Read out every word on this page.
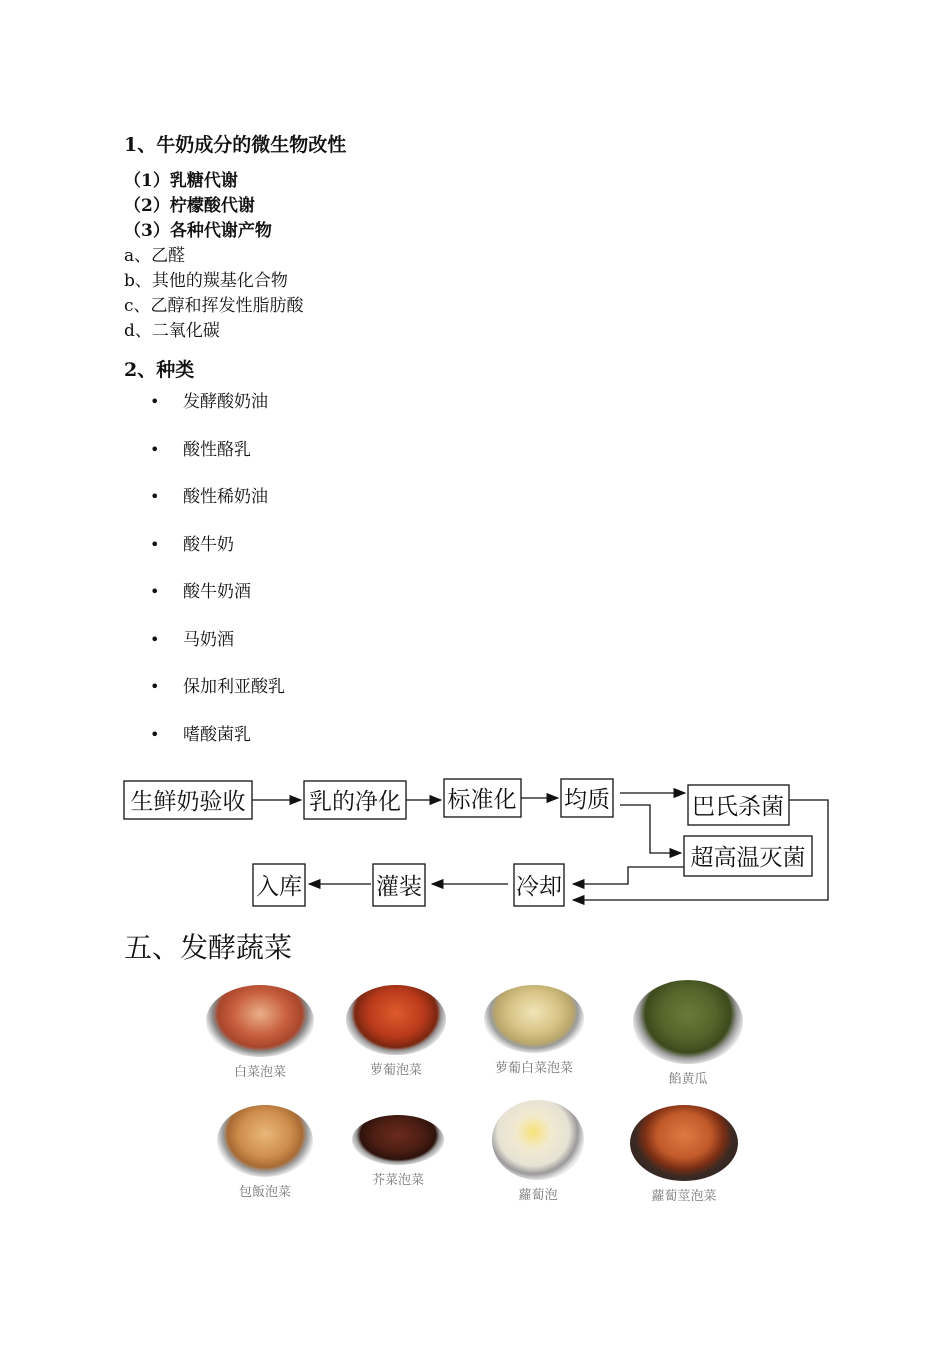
1、牛奶成分的微生物改性
（1）乳糖代谢
（2）柠檬酸代谢
（3）各种代谢产物
a、乙醛
b、其他的羰基化合物
c、乙醇和挥发性脂肪酸
d、二氧化碳
2、种类
• 发酵酸奶油
• 酸性酪乳
• 酸性稀奶油
• 酸牛奶
• 酸牛奶酒
• 马奶酒
• 保加利亚酸乳
• 嗜酸菌乳
生鲜奶验收	乳的净化 标准化 均质	巴氏杀菌
超高温灭菌
冷却
灌装
入库
五、发酵蔬菜
白菜泡菜	萝葡泡菜	萝葡白菜泡菜
餡黄瓜
包飯泡菜
芥菜泡菜
蘿蔔泡	蘿蔔莖泡菜
